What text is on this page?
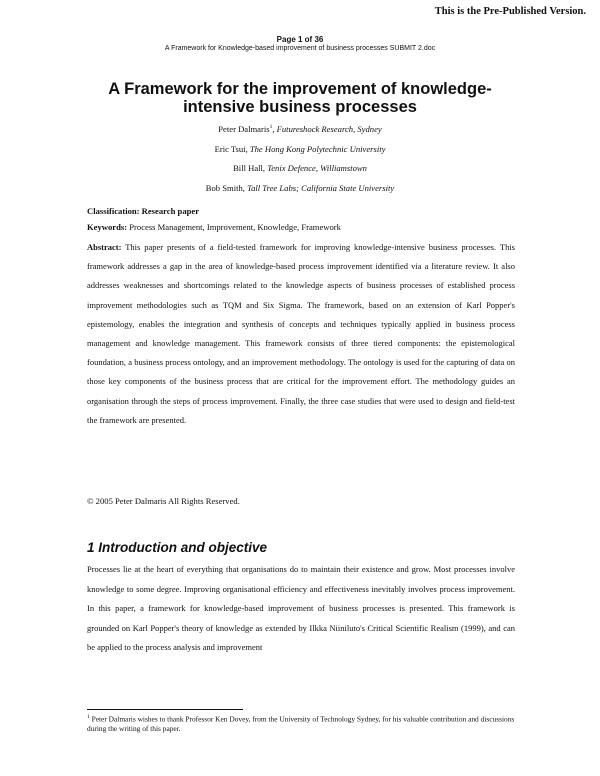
This is the Pre-Published Version.
Page 1 of 36
A Framework for Knowledge-based improvement of business processes SUBMIT 2.doc
A Framework for the improvement of knowledge-intensive business processes
Peter Dalmaris$^1$, Futureshock Research, Sydney
Eric Tsui, The Hong Kong Polytechnic University
Bill Hall, Tenix Defence, Williamstown
Bob Smith, Tall Tree Labs; California State University
Classification: Research paper
Keywords: Process Management, Improvement, Knowledge, Framework
Abstract: This paper presents of a field-tested framework for improving knowledge-intensive business processes. This framework addresses a gap in the area of knowledge-based process improvement identified via a literature review. It also addresses weaknesses and shortcomings related to the knowledge aspects of business processes of established process improvement methodologies such as TQM and Six Sigma. The framework, based on an extension of Karl Popper's epistemology, enables the integration and synthesis of concepts and techniques typically applied in business process management and knowledge management. This framework consists of three tiered components: the epistemological foundation, a business process ontology, and an improvement methodology. The ontology is used for the capturing of data on those key components of the business process that are critical for the improvement effort. The methodology guides an organisation through the steps of process improvement. Finally, the three case studies that were used to design and field-test the framework are presented.
© 2005 Peter Dalmaris All Rights Reserved.
1 Introduction and objective
Processes lie at the heart of everything that organisations do to maintain their existence and grow. Most processes involve knowledge to some degree. Improving organisational efficiency and effectiveness inevitably involves process improvement. In this paper, a framework for knowledge-based improvement of business processes is presented. This framework is grounded on Karl Popper's theory of knowledge as extended by Ilkka Niiniluto's Critical Scientific Realism (1999), and can be applied to the process analysis and improvement
$^1$ Peter Dalmaris wishes to thank Professor Ken Dovey, from the University of Technology Sydney, for his valuable contribution and discussions during the writing of this paper.
